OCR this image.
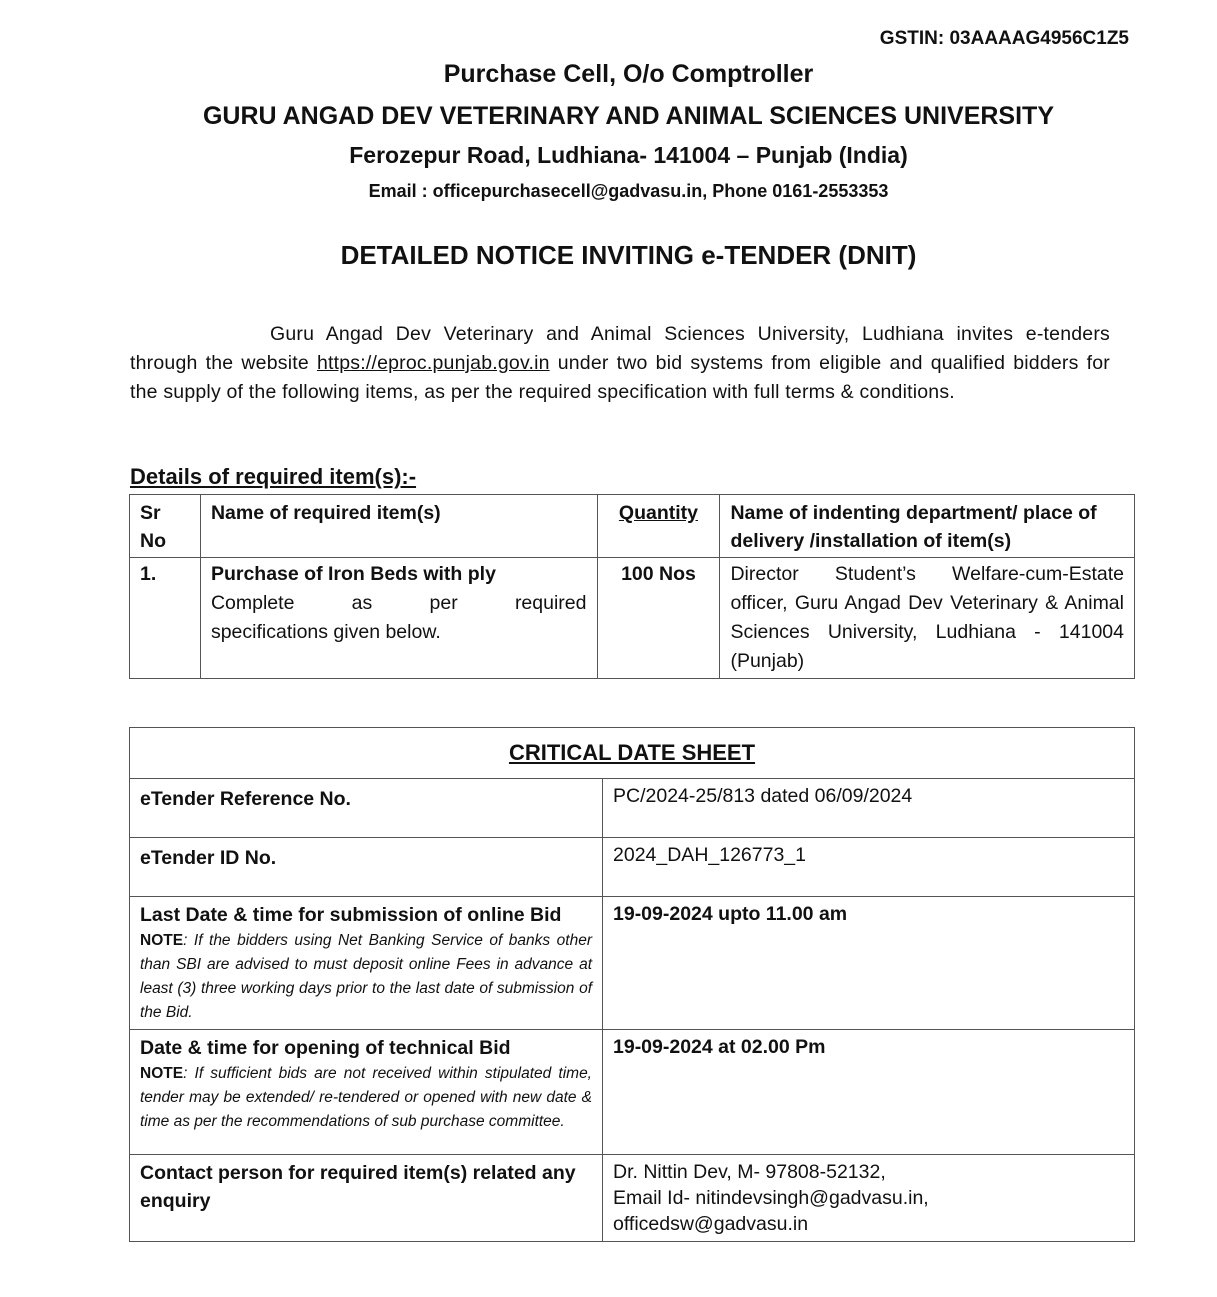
GSTIN: 03AAAAG4956C1Z5

Purchase Cell, O/o Comptroller

GURU ANGAD DEV VETERINARY AND ANIMAL SCIENCES UNIVERSITY

Ferozepur Road, Ludhiana- 141004 – Punjab (India)

Email : officepurchasecell@gadvasu.in, Phone 0161-2553353

DETAILED NOTICE INVITING e-TENDER (DNIT)

Guru Angad Dev Veterinary and Animal Sciences University, Ludhiana invites e-tenders through the website https://eproc.punjab.gov.in under two bid systems from eligible and qualified bidders for the supply of the following items, as per the required specification with full terms & conditions.

Details of required item(s):-

Sr No	Name of required item(s)	Quantity	Name of indenting department/ place of delivery /installation of item(s)
1.	Purchase of Iron Beds with ply
Complete as per required
specifications given below.	100 Nos	Director Student’s Welfare-cum-Estate officer, Guru Angad Dev Veterinary & Animal Sciences University, Ludhiana - 141004 (Punjab)
CRITICAL DATE SHEET	
eTender Reference No.	PC/2024-25/813 dated 06/09/2024
eTender ID No.	2024_DAH_126773_1

Last Date & time for submission of online Bid
NOTE: If the bidders using Net Banking Service of banks other than SBI are advised to must deposit online Fees in advance at least (3) three working days prior to the last date of submission of the Bid.	19-09-2024 upto 11.00 am

Date & time for opening of technical Bid
NOTE: If sufficient bids are not received within stipulated time, tender may be extended/ re-tendered or opened with new date & time as per the recommendations of sub purchase committee.	19-09-2024 at 02.00 Pm
Contact person for required item(s) related any enquiry	Dr. Nittin Dev, M- 97808-52132,
Email Id- nitindevsingh@gadvasu.in,
officedsw@gadvasu.in
